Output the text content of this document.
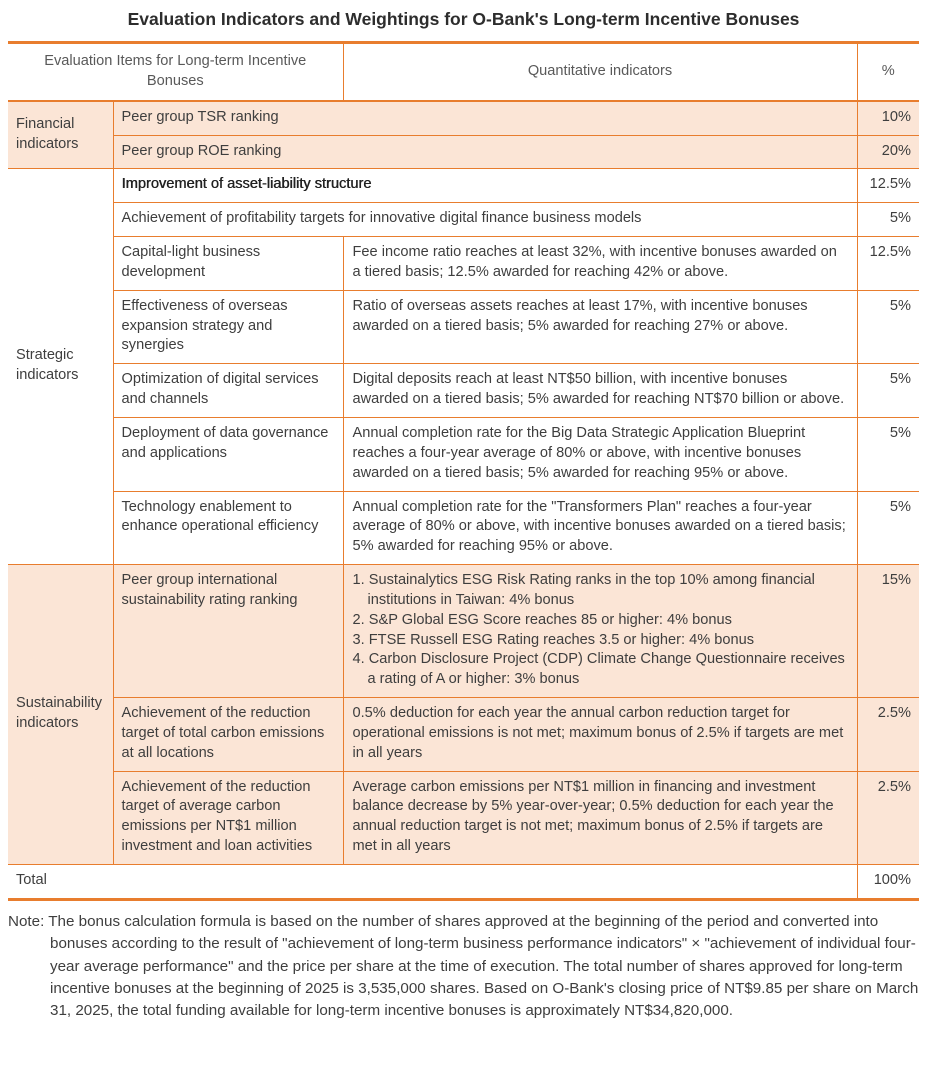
Evaluation Indicators and Weightings for O-Bank's Long-term Incentive Bonuses
Evaluation Items for Long-term Incentive Bonuses		Quantitative indicators	%
Financial indicators	Peer group TSR ranking		10%
	Peer group ROE ranking		20%
Strategic indicators	Improvement of asset-liability structure		12.5%
	Achievement of profitability targets for innovative digital finance business models		5%
	Capital-light business development	Fee income ratio reaches at least 32%, with incentive bonuses awarded on a tiered basis; 12.5% awarded for reaching 42% or above.	12.5%
	Effectiveness of overseas expansion strategy and synergies	Ratio of overseas assets reaches at least 17%, with incentive bonuses awarded on a tiered basis; 5% awarded for reaching 27% or above.	5%
	Optimization of digital services and channels	Digital deposits reach at least NT$50 billion, with incentive bonuses awarded on a tiered basis; 5% awarded for reaching NT$70 billion or above.	5%
	Deployment of data governance and applications	Annual completion rate for the Big Data Strategic Application Blueprint reaches a four-year average of 80% or above, with incentive bonuses awarded on a tiered basis; 5% awarded for reaching 95% or above.	5%
	Technology enablement to enhance operational efficiency	Annual completion rate for the "Transformers Plan" reaches a four-year average of 80% or above, with incentive bonuses awarded on a tiered basis; 5% awarded for reaching 95% or above.	5%
Sustainability indicators	Peer group international sustainability rating ranking	1. Sustainalytics ESG Risk Rating ranks in the top 10% among financial institutions in Taiwan: 4% bonus
2. S&P Global ESG Score reaches 85 or higher: 4% bonus
3. FTSE Russell ESG Rating reaches 3.5 or higher: 4% bonus
4. Carbon Disclosure Project (CDP) Climate Change Questionnaire receives a rating of A or higher: 3% bonus	15%
	Achievement of the reduction target of total carbon emissions at all locations	0.5% deduction for each year the annual carbon reduction target for operational emissions is not met; maximum bonus of 2.5% if targets are met in all years	2.5%
	Achievement of the reduction target of average carbon emissions per NT$1 million investment and loan activities	Average carbon emissions per NT$1 million in financing and investment balance decrease by 5% year-over-year; 0.5% deduction for each year the annual reduction target is not met; maximum bonus of 2.5% if targets are met in all years	2.5%
Total			100%

Note: The bonus calculation formula is based on the number of shares approved at the beginning of the period and converted into bonuses according to the result of "achievement of long-term business performance indicators" × "achievement of individual four-year average performance" and the price per share at the time of execution. The total number of shares approved for long-term incentive bonuses at the beginning of 2025 is 3,535,000 shares. Based on O-Bank's closing price of NT$9.85 per share on March 31, 2025, the total funding available for long-term incentive bonuses is approximately NT$34,820,000.
